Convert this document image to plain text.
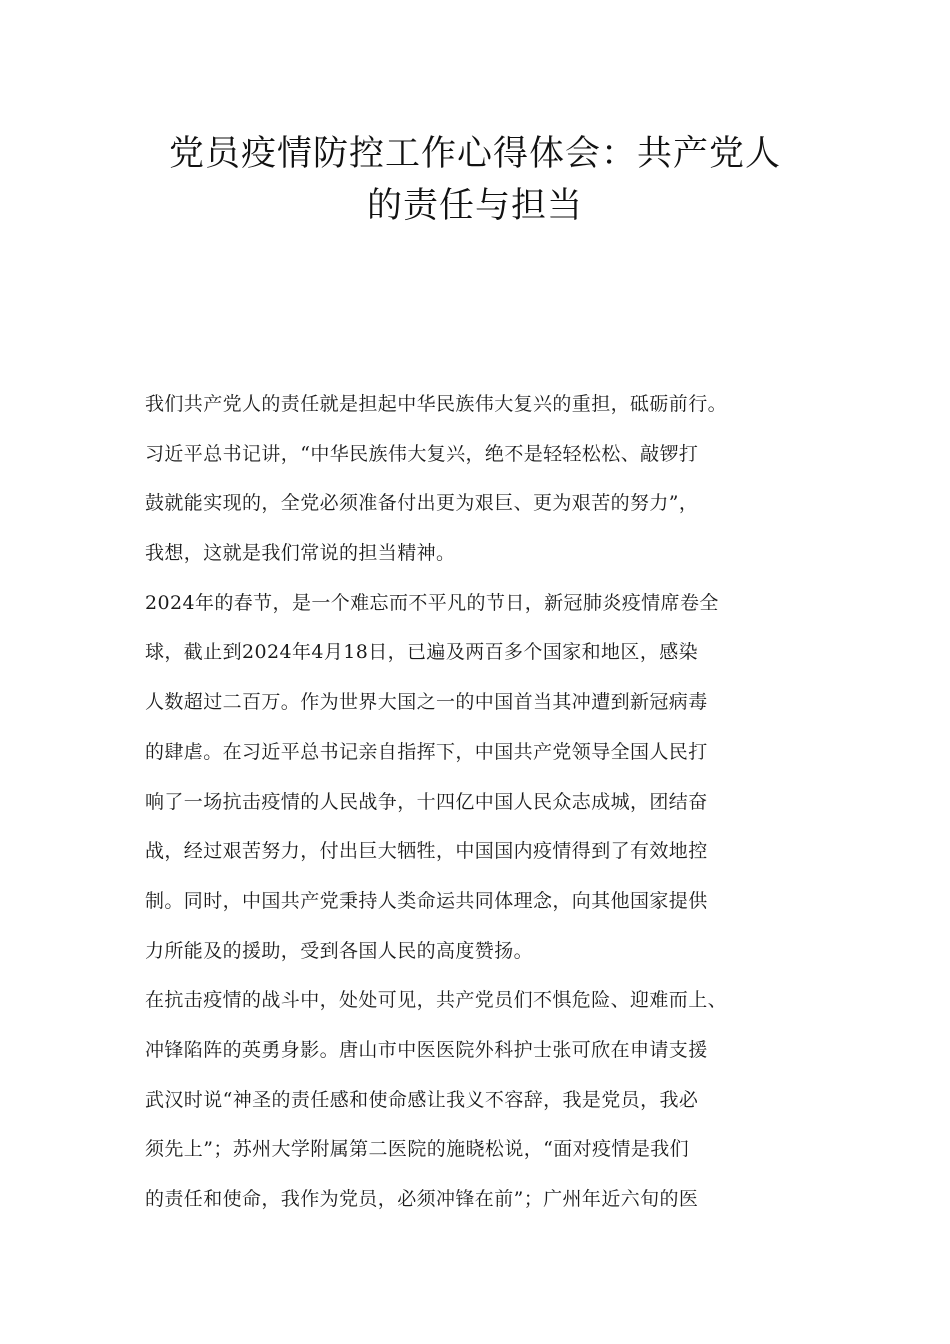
党员疫情防控工作心得体会：共产党人
的责任与担当
我们共产党人的责任就是担起中华民族伟大复兴的重担，砥砺前行。
习近平总书记讲，“中华民族伟大复兴，绝不是轻轻松松、敲锣打
鼓就能实现的，全党必须准备付出更为艰巨、更为艰苦的努力”，
我想，这就是我们常说的担当精神。
2024年的春节，是一个难忘而不平凡的节日，新冠肺炎疫情席卷全
球，截止到2024年4月18日，已遍及两百多个国家和地区，感染
人数超过二百万。作为世界大国之一的中国首当其冲遭到新冠病毒
的肆虐。在习近平总书记亲自指挥下，中国共产党领导全国人民打
响了一场抗击疫情的人民战争，十四亿中国人民众志成城，团结奋
战，经过艰苦努力，付出巨大牺牲，中国国内疫情得到了有效地控
制。同时，中国共产党秉持人类命运共同体理念，向其他国家提供
力所能及的援助，受到各国人民的高度赞扬。
在抗击疫情的战斗中，处处可见，共产党员们不惧危险、迎难而上、
冲锋陷阵的英勇身影。唐山市中医医院外科护士张可欣在申请支援
武汉时说“神圣的责任感和使命感让我义不容辞，我是党员，我必
须先上”；苏州大学附属第二医院的施晓松说，“面对疫情是我们
的责任和使命，我作为党员，必须冲锋在前”；广州年近六旬的医
